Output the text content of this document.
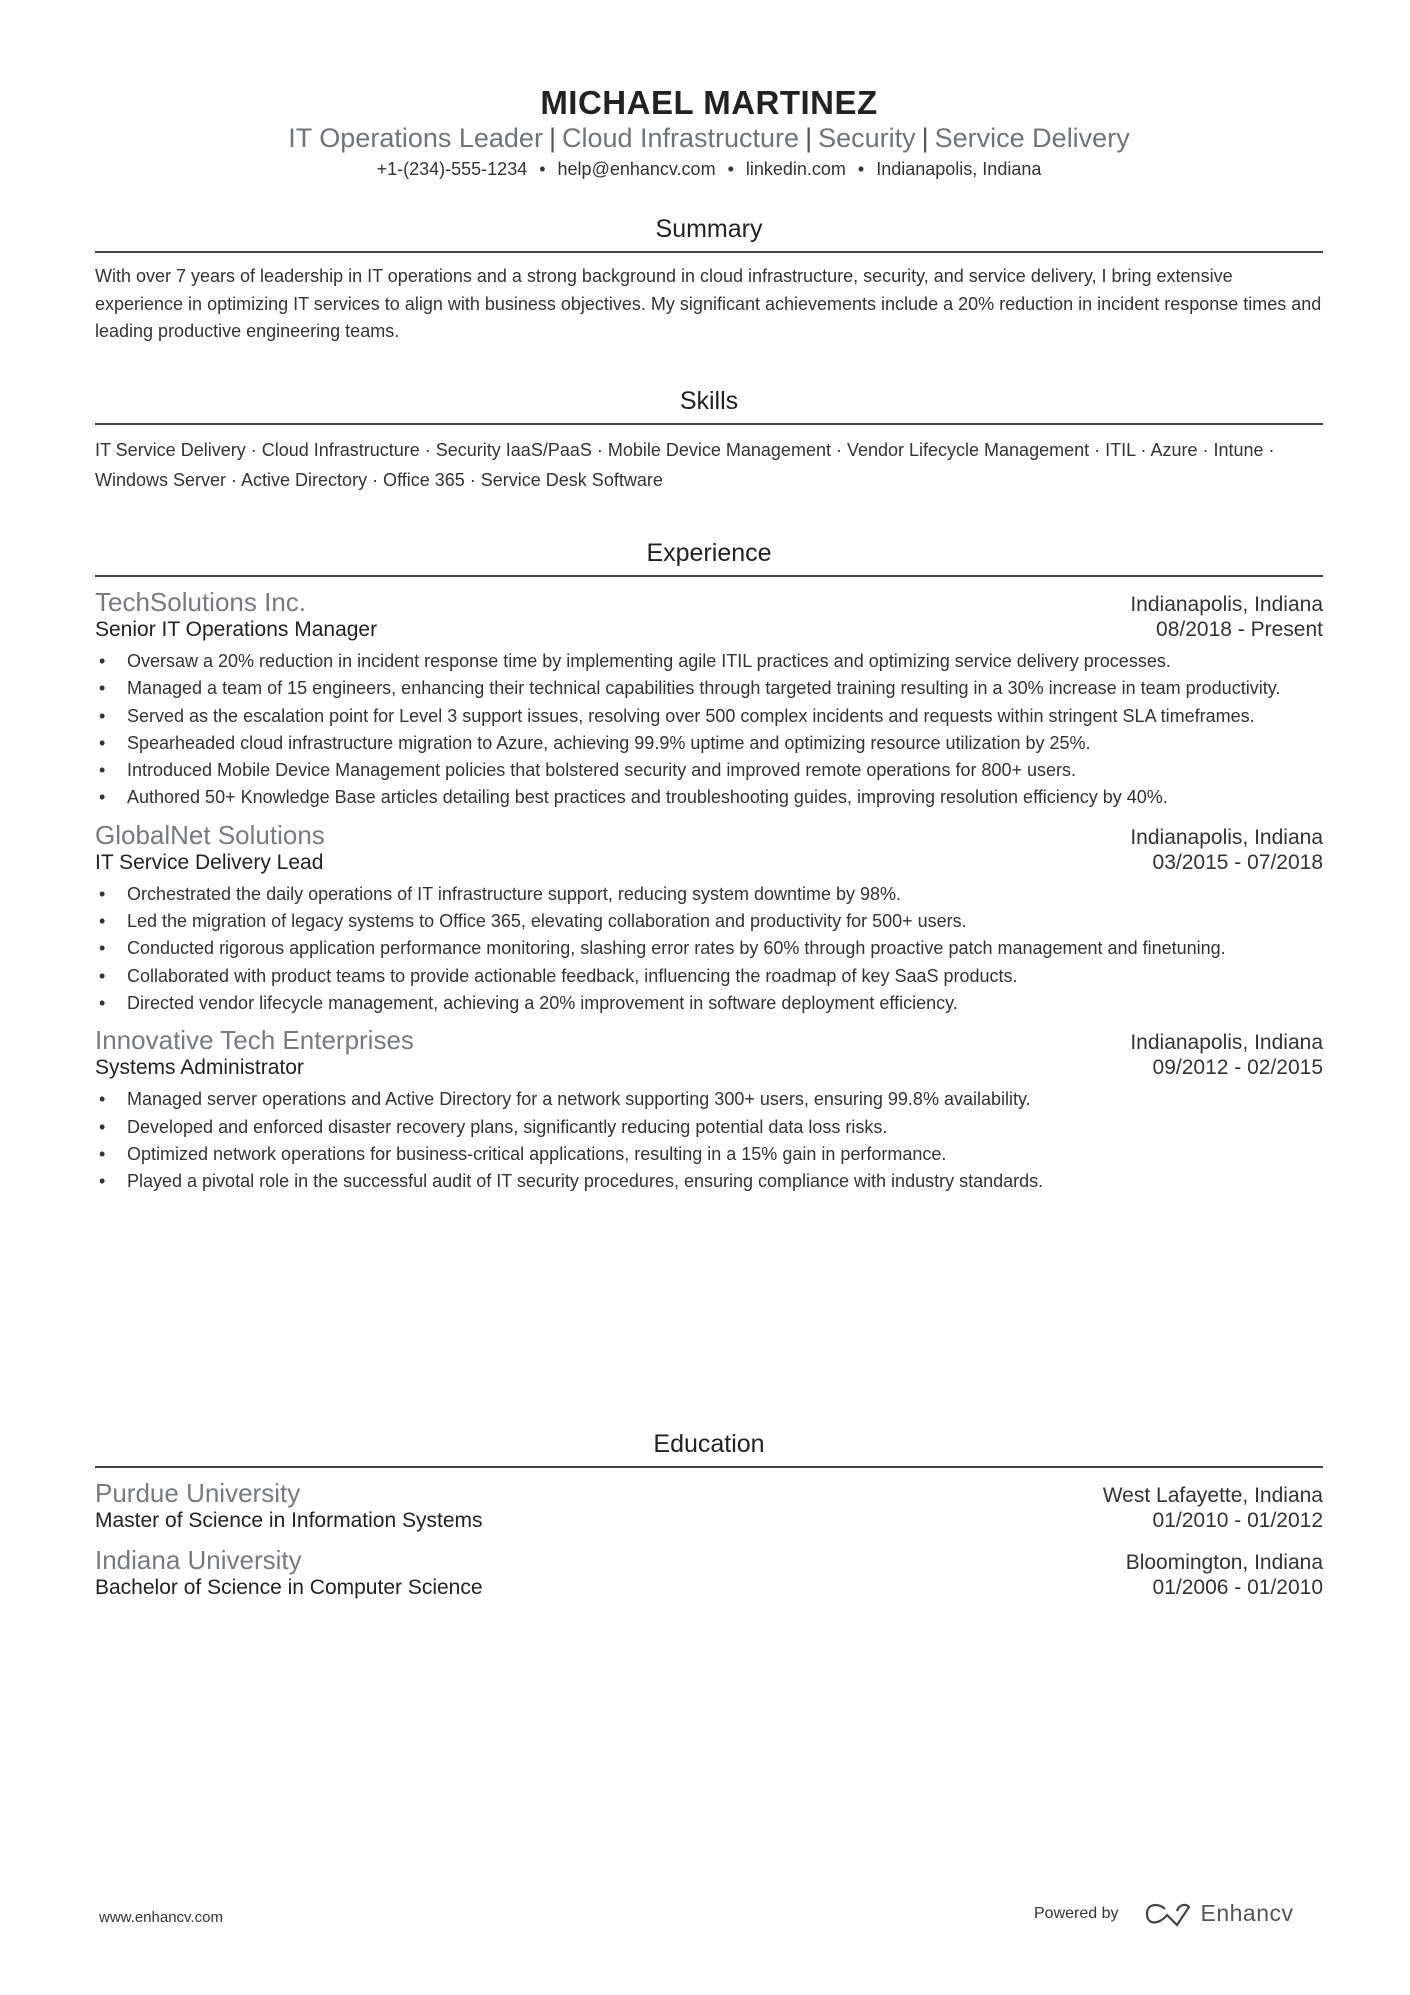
MICHAEL MARTINEZ
IT Operations Leader | Cloud Infrastructure | Security | Service Delivery
+1-(234)-555-1234 • help@enhancv.com • linkedin.com • Indianapolis, Indiana
Summary
With over 7 years of leadership in IT operations and a strong background in cloud infrastructure, security, and service delivery, I bring extensive experience in optimizing IT services to align with business objectives. My significant achievements include a 20% reduction in incident response times and leading productive engineering teams.
Skills
IT Service Delivery · Cloud Infrastructure · Security IaaS/PaaS · Mobile Device Management · Vendor Lifecycle Management · ITIL · Azure · Intune · Windows Server · Active Directory · Office 365 · Service Desk Software
Experience
TechSolutions Inc.	Indianapolis, Indiana
Senior IT Operations Manager	08/2018 - Present
• Oversaw a 20% reduction in incident response time by implementing agile ITIL practices and optimizing service delivery processes.
• Managed a team of 15 engineers, enhancing their technical capabilities through targeted training resulting in a 30% increase in team productivity.
• Served as the escalation point for Level 3 support issues, resolving over 500 complex incidents and requests within stringent SLA timeframes.
• Spearheaded cloud infrastructure migration to Azure, achieving 99.9% uptime and optimizing resource utilization by 25%.
• Introduced Mobile Device Management policies that bolstered security and improved remote operations for 800+ users.
• Authored 50+ Knowledge Base articles detailing best practices and troubleshooting guides, improving resolution efficiency by 40%.
GlobalNet Solutions	Indianapolis, Indiana
IT Service Delivery Lead	03/2015 - 07/2018
• Orchestrated the daily operations of IT infrastructure support, reducing system downtime by 98%.
• Led the migration of legacy systems to Office 365, elevating collaboration and productivity for 500+ users.
• Conducted rigorous application performance monitoring, slashing error rates by 60% through proactive patch management and finetuning.
• Collaborated with product teams to provide actionable feedback, influencing the roadmap of key SaaS products.
• Directed vendor lifecycle management, achieving a 20% improvement in software deployment efficiency.
Innovative Tech Enterprises	Indianapolis, Indiana
Systems Administrator	09/2012 - 02/2015
• Managed server operations and Active Directory for a network supporting 300+ users, ensuring 99.8% availability.
• Developed and enforced disaster recovery plans, significantly reducing potential data loss risks.
• Optimized network operations for business-critical applications, resulting in a 15% gain in performance.
• Played a pivotal role in the successful audit of IT security procedures, ensuring compliance with industry standards.
Education
Purdue University	West Lafayette, Indiana
Master of Science in Information Systems	01/2010 - 01/2012
Indiana University	Bloomington, Indiana
Bachelor of Science in Computer Science	01/2006 - 01/2010
www.enhancv.com	Powered by	Enhancv
